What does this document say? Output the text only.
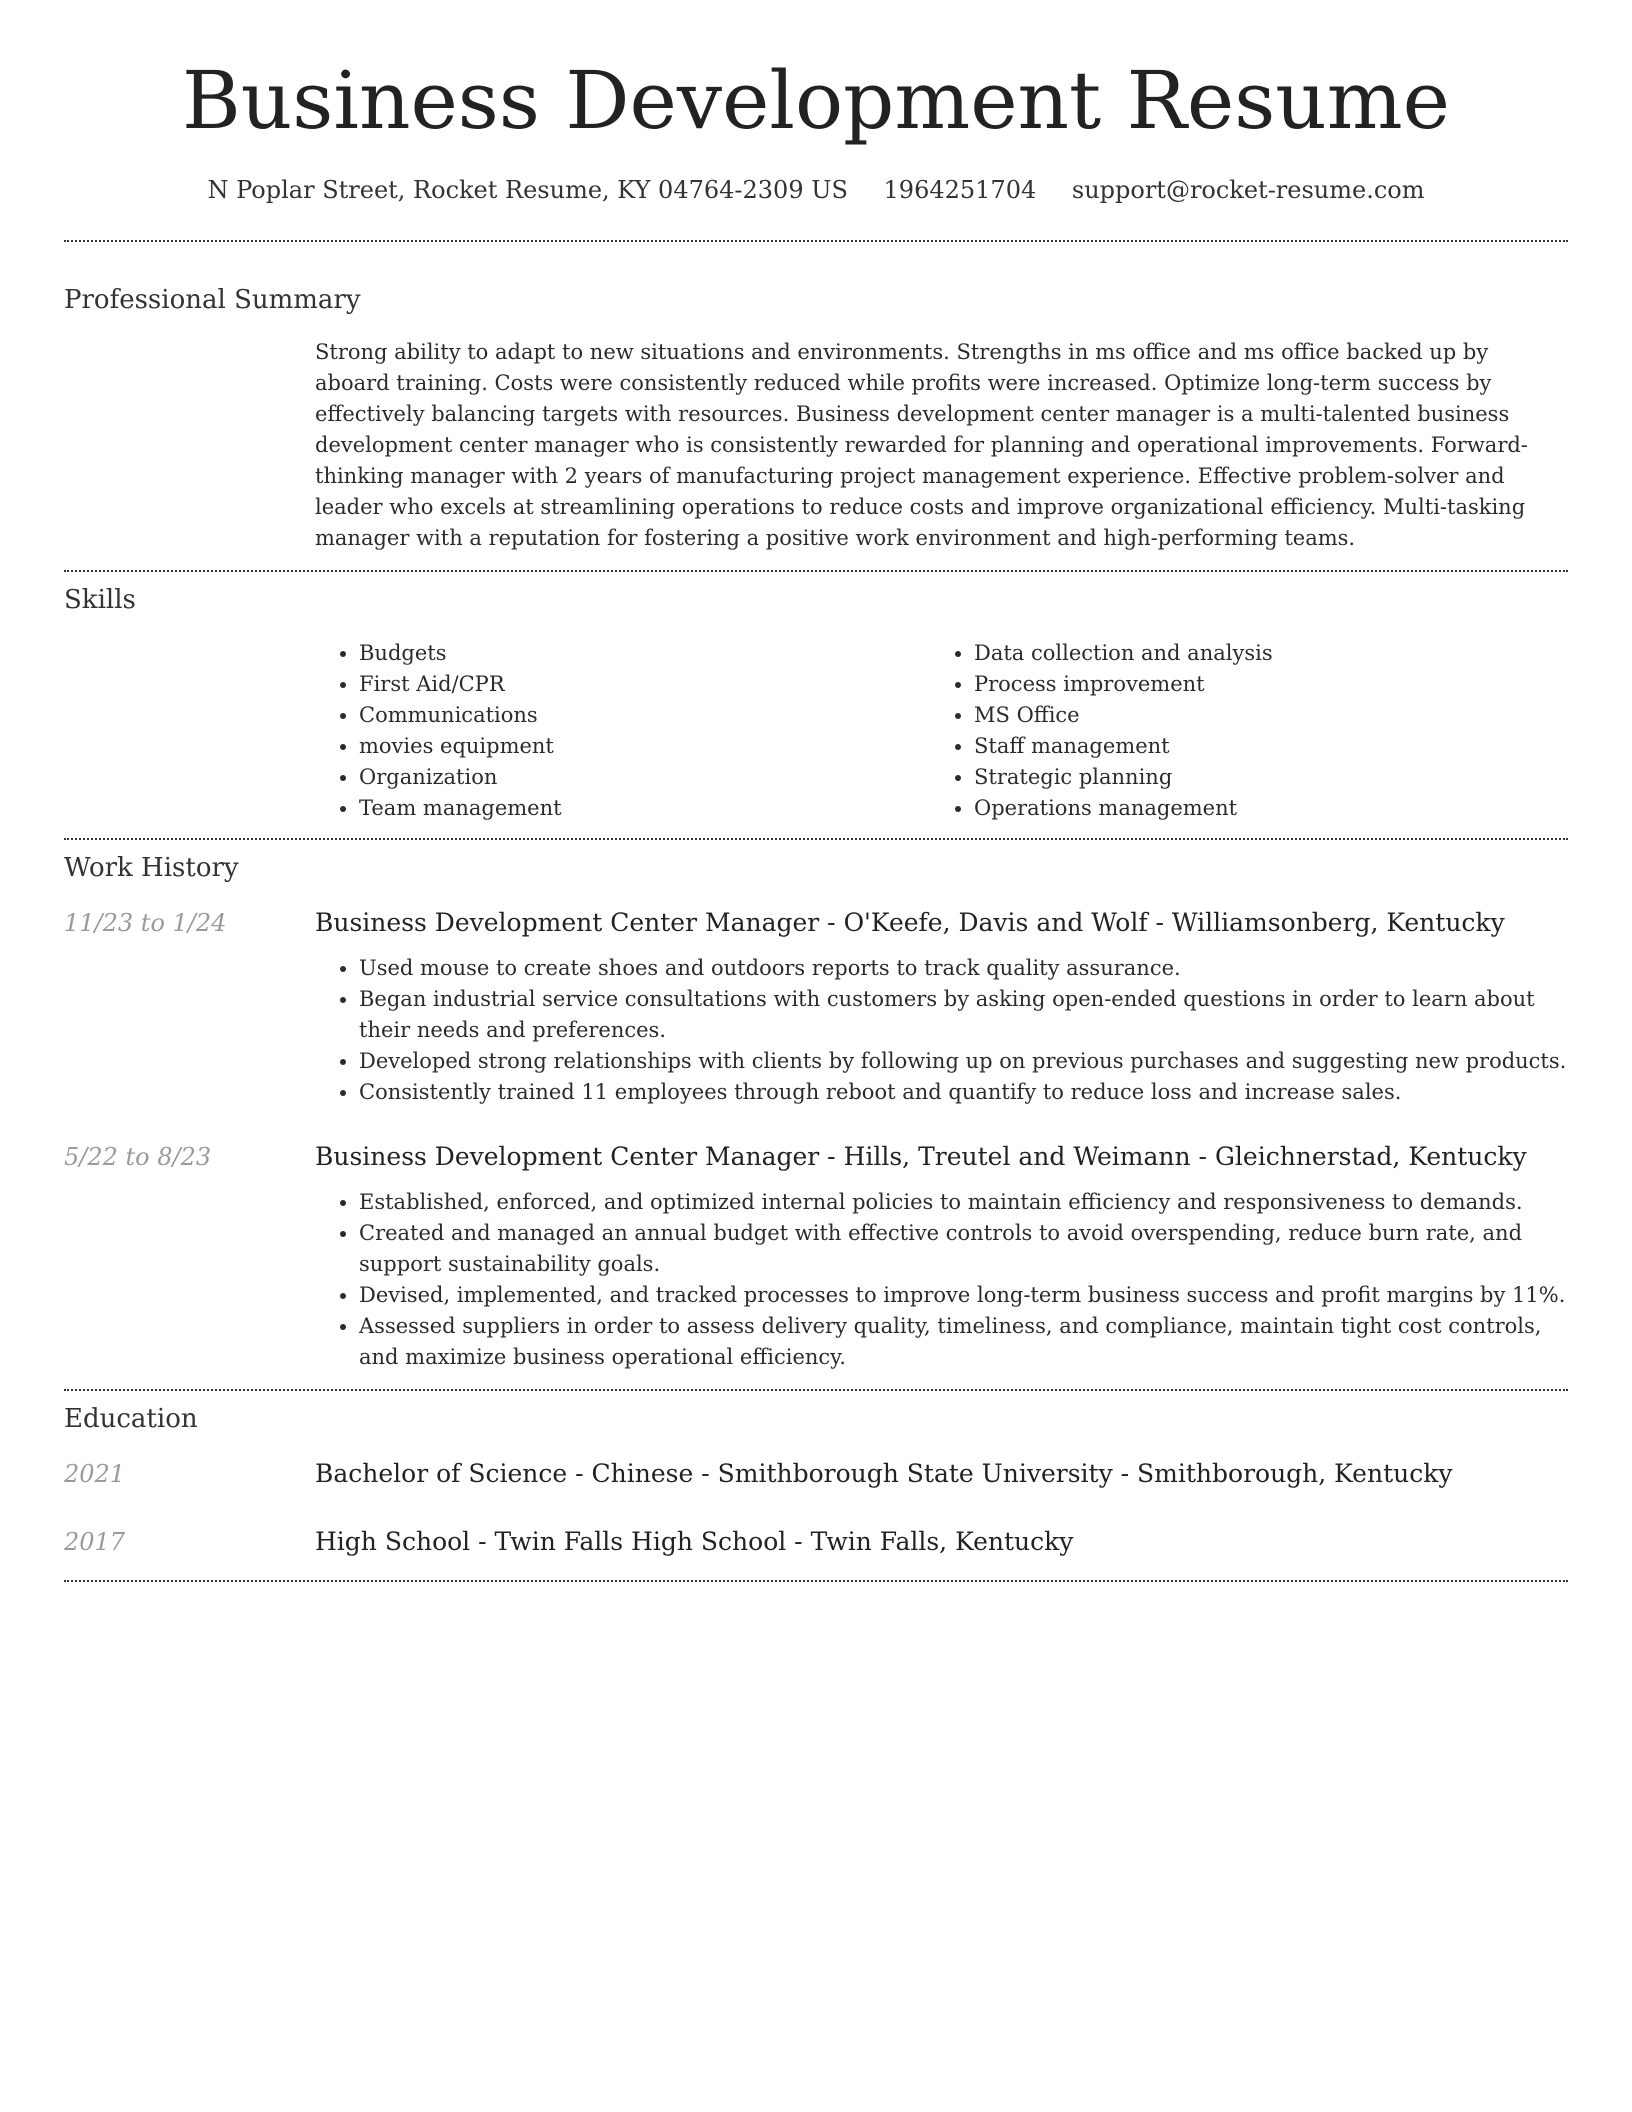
Business Development Resume
N Poplar Street, Rocket Resume, KY 04764-2309 US 1964251704 support@rocket-resume.com
Professional Summary
Strong ability to adapt to new situations and environments. Strengths in ms office and ms office backed up by aboard training. Costs were consistently reduced while profits were increased. Optimize long-term success by effectively balancing targets with resources. Business development center manager is a multi-talented business development center manager who is consistently rewarded for planning and operational improvements. Forward-thinking manager with 2 years of manufacturing project management experience. Effective problem-solver and leader who excels at streamlining operations to reduce costs and improve organizational efficiency. Multi-tasking manager with a reputation for fostering a positive work environment and high-performing teams.
Skills
• Budgets
• First Aid/CPR
• Communications
• movies equipment
• Organization
• Team management
• Data collection and analysis
• Process improvement
• MS Office
• Staff management
• Strategic planning
• Operations management
Work History
11/23 to 1/24	Business Development Center Manager - O'Keefe, Davis and Wolf - Williamsonberg, Kentucky
• Used mouse to create shoes and outdoors reports to track quality assurance.
• Began industrial service consultations with customers by asking open-ended questions in order to learn about their needs and preferences.
• Developed strong relationships with clients by following up on previous purchases and suggesting new products.
• Consistently trained 11 employees through reboot and quantify to reduce loss and increase sales.
5/22 to 8/23	Business Development Center Manager - Hills, Treutel and Weimann - Gleichnerstad, Kentucky
• Established, enforced, and optimized internal policies to maintain efficiency and responsiveness to demands.
• Created and managed an annual budget with effective controls to avoid overspending, reduce burn rate, and support sustainability goals.
• Devised, implemented, and tracked processes to improve long-term business success and profit margins by 11%.
• Assessed suppliers in order to assess delivery quality, timeliness, and compliance, maintain tight cost controls, and maximize business operational efficiency.
Education
2021	Bachelor of Science - Chinese - Smithborough State University - Smithborough, Kentucky
2017	High School - Twin Falls High School - Twin Falls, Kentucky
